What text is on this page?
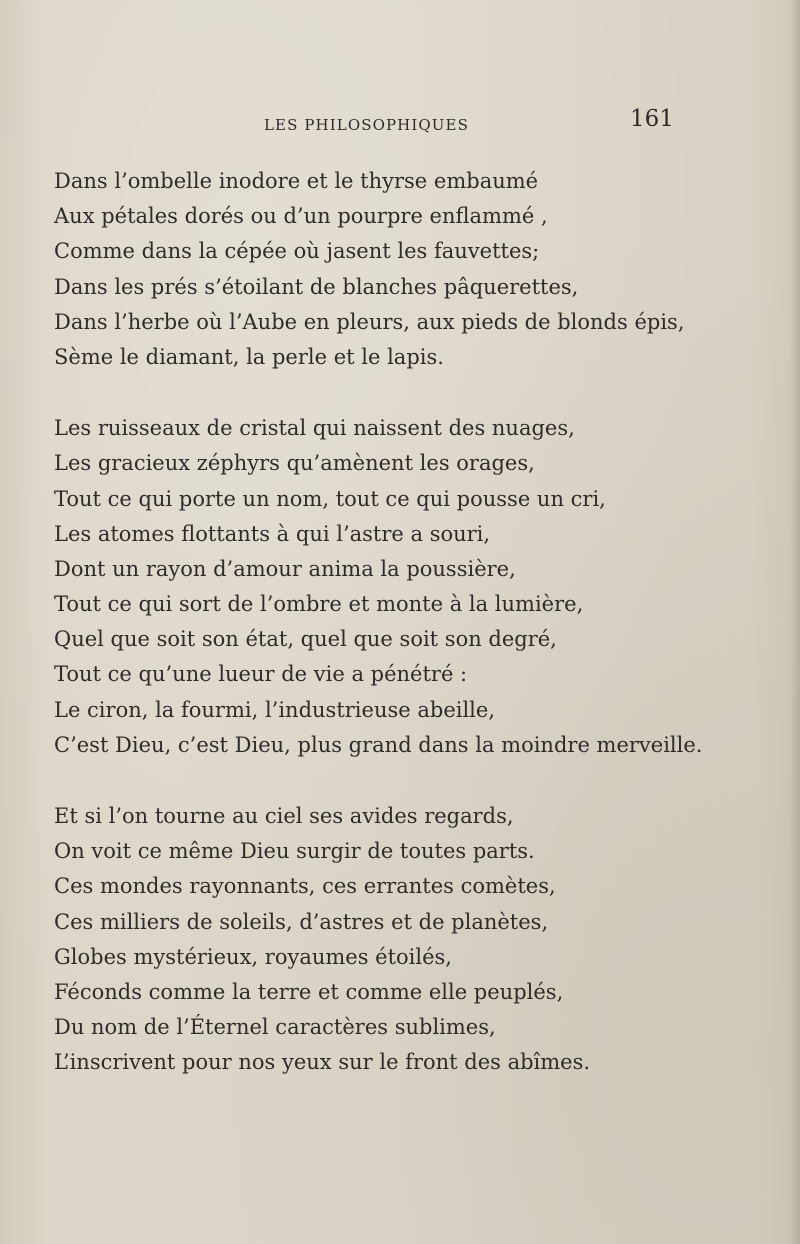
LES PHILOSOPHIQUES	161
Dans l’ombelle inodore et le thyrse embaumé
Aux pétales dorés ou d’un pourpre enflammé ,
Comme dans la cépée où jasent les fauvettes;
Dans les prés s’étoilant de blanches pâquerettes,
Dans l’herbe où l’Aube en pleurs, aux pieds de blonds épis,
Sème le diamant, la perle et le lapis.
Les ruisseaux de cristal qui naissent des nuages,
Les gracieux zéphyrs qu’amènent les orages,
Tout ce qui porte un nom, tout ce qui pousse un cri,
Les atomes flottants à qui l’astre a souri,
Dont un rayon d’amour anima la poussière,
Tout ce qui sort de l’ombre et monte à la lumière,
Quel que soit son état, quel que soit son degré,
Tout ce qu’une lueur de vie a pénétré :
Le ciron, la fourmi, l’industrieuse abeille,
C’est Dieu, c’est Dieu, plus grand dans la moindre merveille.
Et si l’on tourne au ciel ses avides regards,
On voit ce même Dieu surgir de toutes parts.
Ces mondes rayonnants, ces errantes comètes,
Ces milliers de soleils, d’astres et de planètes,
Globes mystérieux, royaumes étoilés,
Féconds comme la terre et comme elle peuplés,
Du nom de l’Éternel caractères sublimes,
L’inscrivent pour nos yeux sur le front des abîmes.
